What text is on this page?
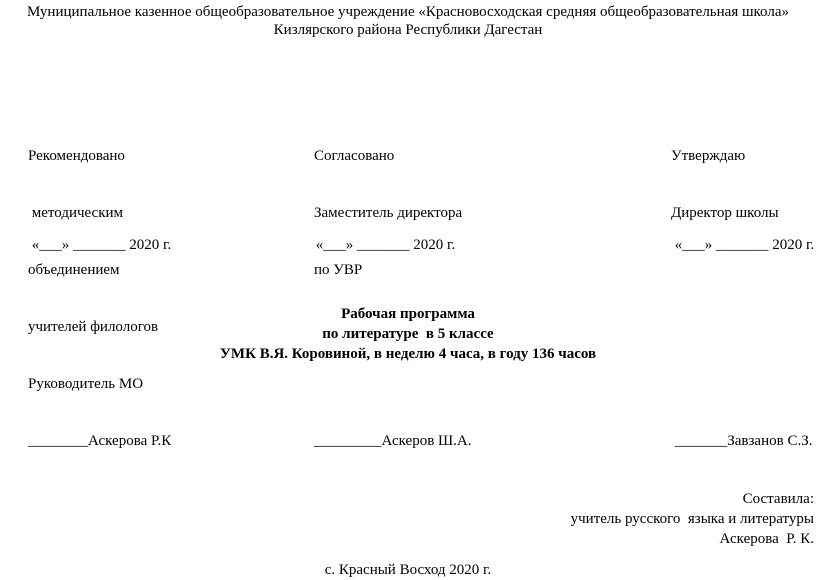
Муниципальное казенное общеобразовательное учреждение «Красновосходская средняя общеобразовательная школа»
Кизлярского района Республики Дагестан

Рекомендовано

методическим

объединением

учителей филологов

Руководитель МО

________Аскерова Р.К

«___» _______ 2020 г.

Согласовано

Заместитель директора

по УВР

_________Аскеров Ш.А.

«___» _______ 2020 г.

Утверждаю

Директор школы

_______Завзанов С.З.

«___» _______ 2020 г.
Рабочая программа
по литературе  в 5 классе
УМК В.Я. Коровиной, в неделю 4 часа, в году 136 часов
Составила:
учитель русского  языка и литературы
Аскерова  Р. К.
с. Красный Восход 2020 г.
